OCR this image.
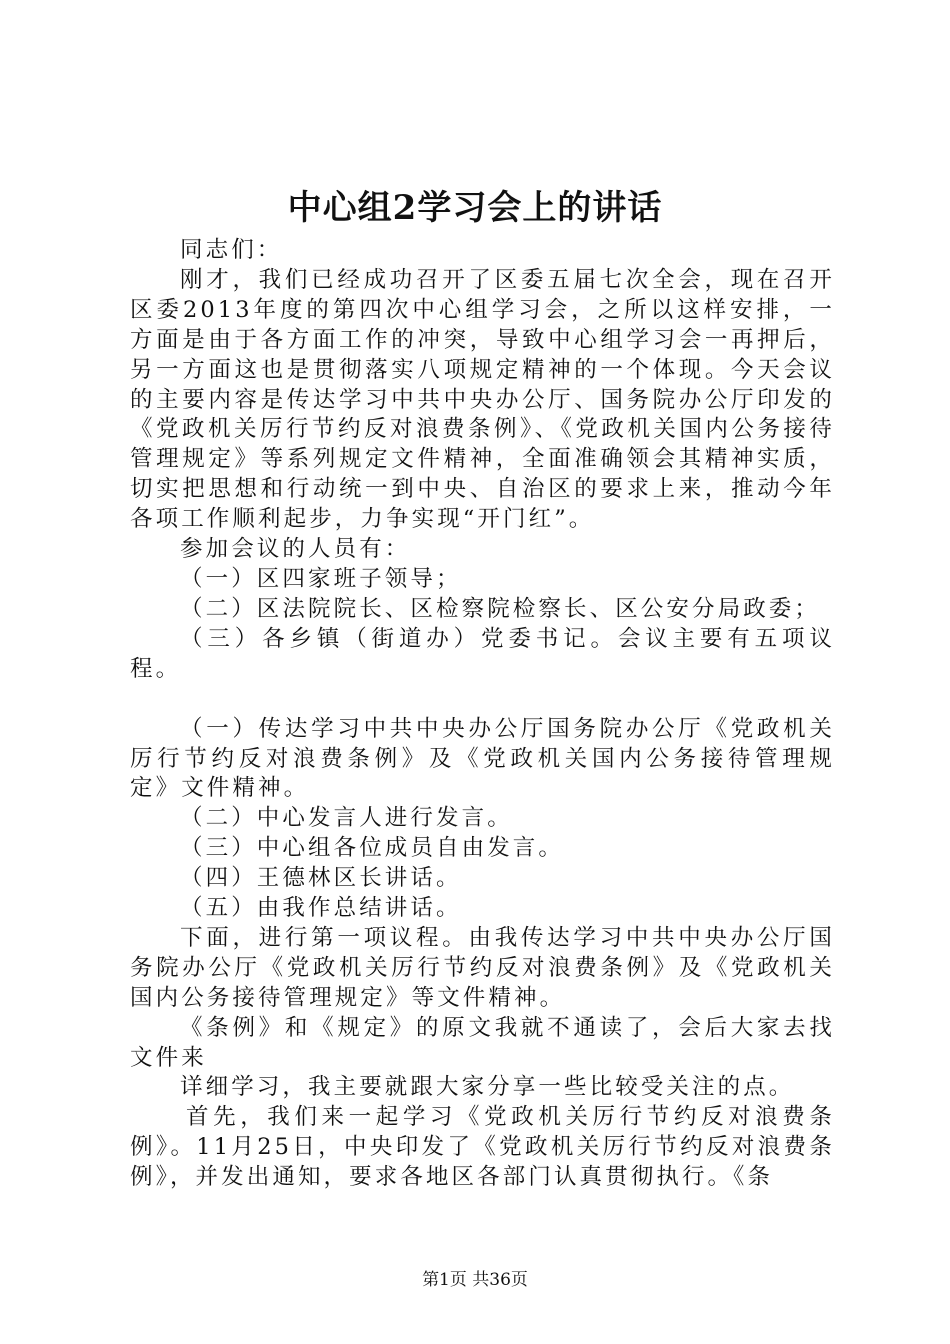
中心组2学习会上的讲话

同志们：

刚才，我们已经成功召开了区委五届七次全会，现在召开区委2013年度的第四次中心组学习会，之所以这样安排，一方面是由于各方面工作的冲突，导致中心组学习会一再押后，另一方面这也是贯彻落实八项规定精神的一个体现。今天会议的主要内容是传达学习中共中央办公厅、国务院办公厅印发的《党政机关厉行节约反对浪费条例》、《党政机关国内公务接待管理规定》等系列规定文件精神，全面准确领会其精神实质，切实把思想和行动统一到中央、自治区的要求上来，推动今年各项工作顺利起步，力争实现“开门红”。

参加会议的人员有：

（一）区四家班子领导；

（二）区法院院长、区检察院检察长、区公安分局政委；

（三）各乡镇（街道办）党委书记。会议主要有五项议程。

（一）传达学习中共中央办公厅国务院办公厅《党政机关厉行节约反对浪费条例》及《党政机关国内公务接待管理规定》文件精神。

（二）中心发言人进行发言。

（三）中心组各位成员自由发言。

（四）王德林区长讲话。

（五）由我作总结讲话。

下面，进行第一项议程。由我传达学习中共中央办公厅国务院办公厅《党政机关厉行节约反对浪费条例》及《党政机关国内公务接待管理规定》等文件精神。

《条例》和《规定》的原文我就不通读了，会后大家去找文件来

详细学习，我主要就跟大家分享一些比较受关注的点。

首先，我们来一起学习《党政机关厉行节约反对浪费条例》。11月25日，中央印发了《党政机关厉行节约反对浪费条例》，并发出通知，要求各地区各部门认真贯彻执行。《条

第1页 共36页
